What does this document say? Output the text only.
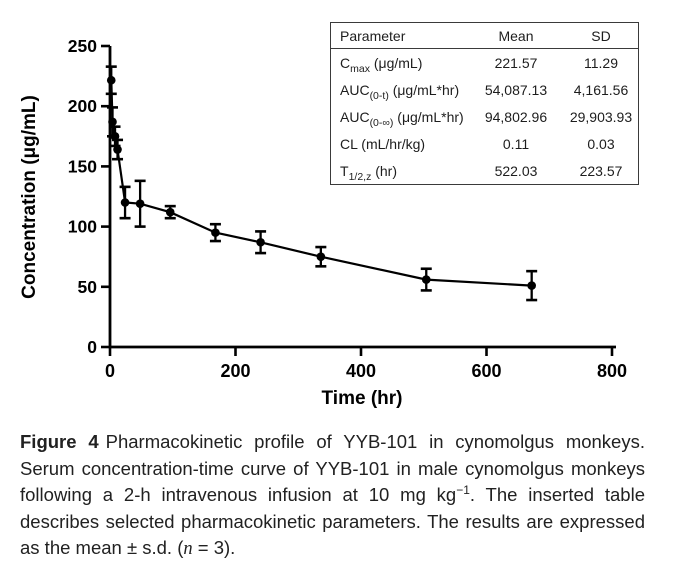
0	200	400	600	800
0
50
100
150
200
250
Concentration (μg/mL)
Time (hr)
Parameter	Mean	SD
$C_{max}$ (μg/mL)	221.57	11.29
$AUC_{(0-t)}$ (μg/mL*hr)	54,087.13	4,161.56
$AUC_{(0-\infty)}$ (μg/mL*hr)	94,802.96	29,903.93
CL (mL/hr/kg)	0.11	0.03
$T_{1/2,z}$ (hr)	522.03	223.57

Figure 4 Pharmacokinetic profile of YYB-101 in cynomolgus monkeys. Serum concentration-time curve of YYB-101 in male cynomolgus monkeys following a 2-h intravenous infusion at 10 mg $kg^{-1}$. The inserted table describes selected pharmacokinetic parameters. The results are expressed as the mean ± s.d. (n = 3).
